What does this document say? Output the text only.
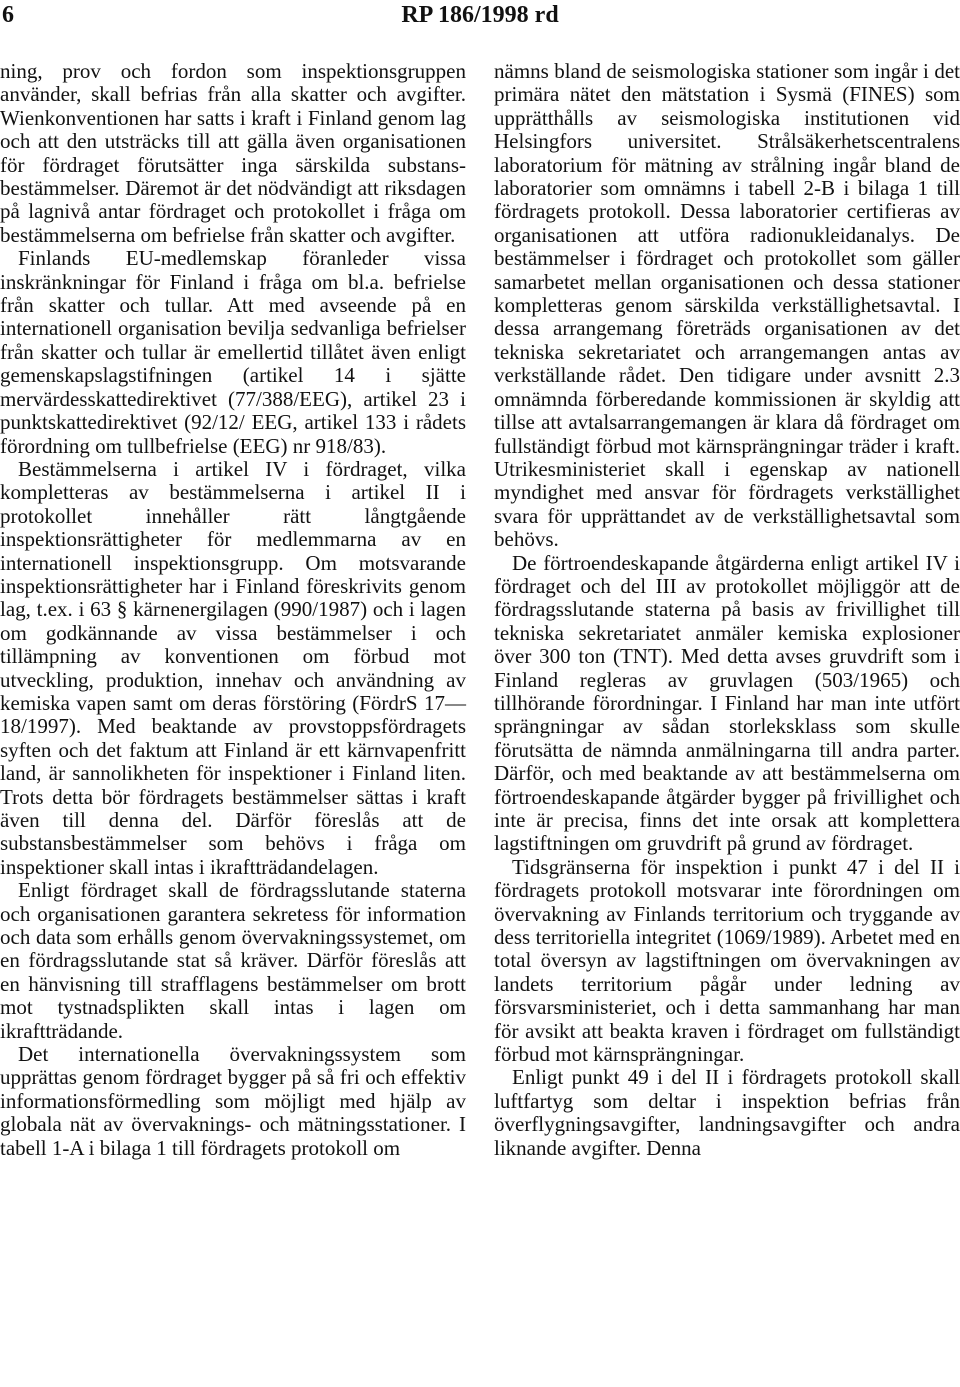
6	RP 186/1998 rd

ning, prov och fordon som inspektionsgruppen använder, skall befrias från alla skatter och avgifter. Wienkonventionen har satts i kraft i Finland genom lag och att den utsträcks till att gälla även organisationen för fördraget förutsätter inga särskilda substansbestämmelser. Däremot är det nödvändigt att riksdagen på lagnivå antar fördraget och protokollet i fråga om bestämmelserna om befrielse från skatter och avgifter.

Finlands EU-medlemskap föranleder vissa inskränkningar för Finland i fråga om bl.a. befrielse från skatter och tullar. Att med avseende på en internationell organisation bevilja sedvanliga befrielser från skatter och tullar är emellertid tillåtet även enligt gemenskapslagstifningen (artikel 14 i sjätte mervärdesskattedirektivet (77/388/EEG), artikel 23 i punktskattedirektivet (92/12/ EEG, artikel 133 i rådets förordning om tullbefrielse (EEG) nr 918/83).

Bestämmelserna i artikel IV i fördraget, vilka kompletteras av bestämmelserna i artikel II i protokollet innehåller rätt långtgående inspektionsrättigheter för medlemmarna av en internationell inspektionsgrupp. Om motsvarande inspektionsrättigheter har i Finland föreskrivits genom lag, t.ex. i 63 § kärnenergilagen (990/1987) och i lagen om godkännande av vissa bestämmelser i och tillämpning av konventionen om förbud mot utveckling, produktion, innehav och användning av kemiska vapen samt om deras förstöring (FördrS 17—18/1997). Med beaktande av provstoppsfördragets syften och det faktum att Finland är ett kärnvapenfritt land, är sannolikheten för inspektioner i Finland liten. Trots detta bör fördragets bestämmelser sättas i kraft även till denna del. Därför föreslås att de substansbestämmelser som behövs i fråga om inspektioner skall intas i ikraftträdandelagen.

Enligt fördraget skall de fördragsslutande staterna och organisationen garantera sekretess för information och data som erhålls genom övervakningssystemet, om en fördragsslutande stat så kräver. Därför föreslås att en hänvisning till strafflagens bestämmelser om brott mot tystnadsplikten skall intas i lagen om ikraftträdande.

Det internationella övervakningssystem som upprättas genom fördraget bygger på så fri och effektiv informationsförmedling som möjligt med hjälp av globala nät av övervaknings- och mätningsstationer. I tabell 1-A i bilaga 1 till fördragets protokoll om

nämns bland de seismologiska stationer som ingår i det primära nätet den mätstation i Sysmä (FINES) som upprätthålls av seismologiska institutionen vid Helsingfors universitet. Strålsäkerhetscentralens laboratorium för mätning av strålning ingår bland de laboratorier som omnämns i tabell 2-B i bilaga 1 till fördragets protokoll. Dessa laboratorier certifieras av organisationen att utföra radionukleidanalys. De bestämmelser i fördraget och protokollet som gäller samarbetet mellan organisationen och dessa stationer kompletteras genom särskilda verkställighetsavtal. I dessa arrangemang företräds organisationen av det tekniska sekretariatet och arrangemangen antas av verkställande rådet. Den tidigare under avsnitt 2.3 omnämnda förberedande kommissionen är skyldig att tillse att avtalsarrangemangen är klara då fördraget om fullständigt förbud mot kärnsprängningar träder i kraft. Utrikesministeriet skall i egenskap av nationell myndighet med ansvar för fördragets verkställighet svara för upprättandet av de verkställighetsavtal som behövs.

De förtroendeskapande åtgärderna enligt artikel IV i fördraget och del III av protokollet möjliggör att de fördragsslutande staterna på basis av frivillighet till tekniska sekretariatet anmäler kemiska explosioner över 300 ton (TNT). Med detta avses gruvdrift som i Finland regleras av gruvlagen (503/1965) och tillhörande förordningar. I Finland har man inte utfört sprängningar av sådan storleksklass som skulle förutsätta de nämnda anmälningarna till andra parter. Därför, och med beaktande av att bestämmelserna om förtroendeskapande åtgärder bygger på frivillighet och inte är precisa, finns det inte orsak att komplettera lagstiftningen om gruvdrift på grund av fördraget.

Tidsgränserna för inspektion i punkt 47 i del II i fördragets protokoll motsvarar inte förordningen om övervakning av Finlands territorium och tryggande av dess territoriella integritet (1069/1989). Arbetet med en total översyn av lagstiftningen om övervakningen av landets territorium pågår under ledning av försvarsministeriet, och i detta sammanhang har man för avsikt att beakta kraven i fördraget om fullständigt förbud mot kärnsprängningar.

Enligt punkt 49 i del II i fördragets protokoll skall luftfartyg som deltar i inspektion befrias från överflygningsavgifter, landningsavgifter och andra liknande avgifter. Denna
